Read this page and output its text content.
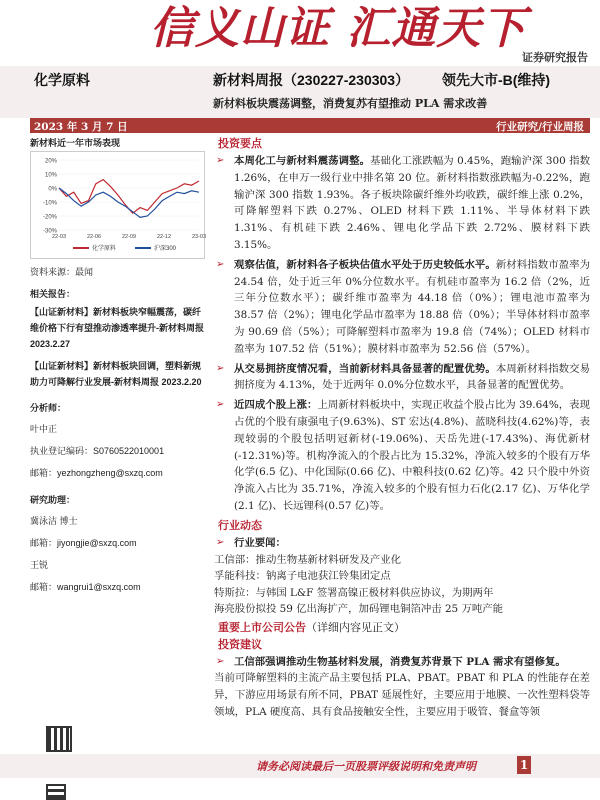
信义山证 汇通天下
证券研究报告
化学原料	新材料周报（230227-230303） 领先大市-B(维持)
新材料板块震荡调整，消费复苏有望推动 PLA 需求改善
2023 年 3 月 7 日	行业研究/行业周报
新材料近一年市场表现
20%
10%
0%
-10%
-20%
-30%
22-03	22-06	22-09	22-12	23-03
化学原料	沪深300
资料来源：最闻
相关报告：
【山证新材料】新材料板块窄幅震荡，碳纤维价格下行有望推动渗透率提升-新材料周报 2023.2.27
【山证新材料】新材料板块回调，塑料新规助力可降解行业发展-新材料周报 2023.2.20
分析师：
叶中正
执业登记编码：S0760522010001
邮箱：yezhongzheng@sxzq.com
研究助理：
冀泳洁 博士
邮箱：jiyongjie@sxzq.com
王锐
邮箱：wangrui1@sxzq.com
投资要点
➢ 本周化工与新材料震荡调整。基础化工涨跌幅为 0.45%，跑输沪深 300 指数 1.26%，在申万一级行业中排名第 20 位。新材料指数涨跌幅为-0.22%，跑输沪深 300 指数 1.93%。各子板块除碳纤维外均收跌，碳纤维上涨 0.2%，可降解塑料下跌 0.27%、OLED 材料下跌 1.11%、半导体材料下跌 1.31%、有机硅下跌 2.46%、锂电化学品下跌 2.72%、膜材料下跌 3.15%。
➢ 观察估值，新材料各子板块估值水平处于历史较低水平。新材料指数市盈率为 24.54 倍，处于近三年 0%分位数水平。有机硅市盈率为 16.2 倍（2%，近三年分位数水平）；碳纤维市盈率为 44.18 倍（0%）；锂电池市盈率为 38.57 倍（2%）；锂电化学品市盈率为 18.88 倍（0%）；半导体材料市盈率为 90.69 倍（5%）；可降解塑料市盈率为 19.8 倍（74%）；OLED 材料市盈率为 107.52 倍（51%）；膜材料市盈率为 52.56 倍（57%）。
➢ 从交易拥挤度情况看，当前新材料具备显著的配置优势。本周新材料指数交易拥挤度为 4.13%，处于近两年 0.0%分位数水平，具备显著的配置优势。
➢ 近四成个股上涨：上周新材料板块中，实现正收益个股占比为 39.64%，表现占优的个股有康强电子(9.63%)、ST 宏达(4.8%)、蓝晓科技(4.62%)等，表现较弱的个股包括明冠新材(-19.06%)、天岳先进(-17.43%)、海优新材(-12.31%)等。机构净流入的个股占比为 15.32%，净流入较多的个股有万华化学(6.5 亿)、中化国际(0.66 亿)、中粮科技(0.62 亿)等。42 只个股中外资净流入占比为 35.71%，净流入较多的个股有恒力石化(2.17 亿)、万华化学(2.1 亿)、长远锂科(0.57 亿)等。
行业动态
➢ 行业要闻：
工信部：推动生物基新材料研发及产业化
孚能科技：钠离子电池获江铃集团定点
特斯拉：与韩国 L&F 签署高镍正极材料供应协议，为期两年
海亮股份拟投 59 亿出海扩产，加码锂电铜箔冲击 25 万吨产能
重要上市公司公告（详细内容见正文）
投资建议
➢ 工信部强调推动生物基材料发展，消费复苏背景下 PLA 需求有望修复。
当前可降解塑料的主流产品主要包括 PLA、PBAT。PBAT 和 PLA 的性能存在差异，下游应用场景有所不同，PBAT 延展性好，主要应用于地膜、一次性塑料袋等领域，PLA 硬度高、具有食品接触安全性，主要应用于吸管、餐盒等领
请务必阅读最后一页股票评级说明和免责声明	1
